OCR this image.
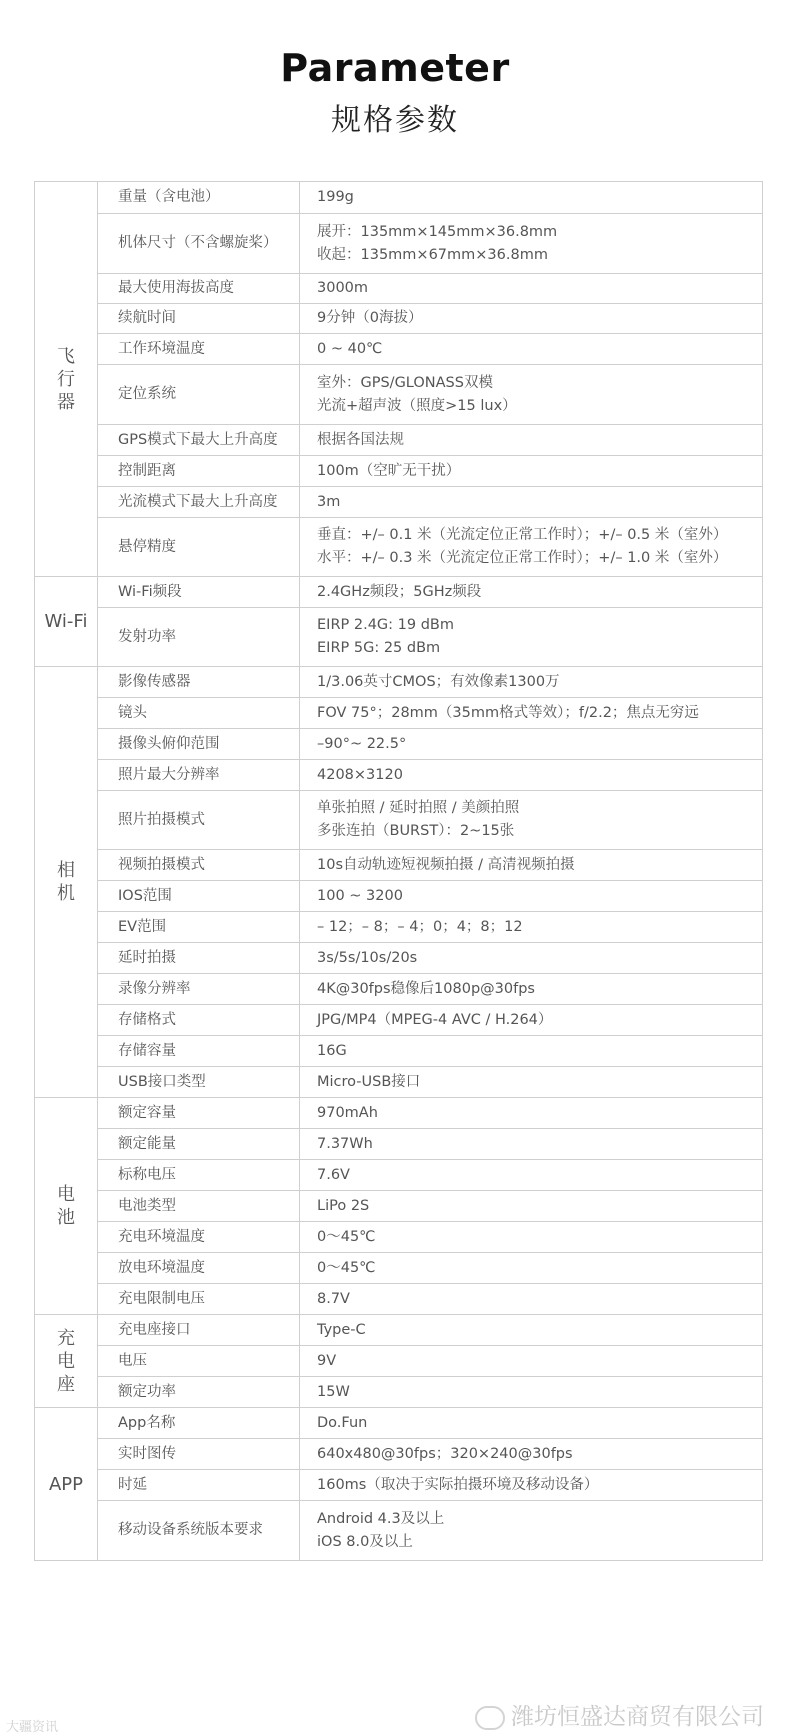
Parameter
规格参数
飞行器	重量（含电池）	199g

	机体尺寸（不含螺旋桨）	展开：135mm×145mm×36.8mm
收起：135mm×67mm×36.8mm

	最大使用海拔高度	3000m

	续航时间	9分钟（0海拔）

	工作环境温度	0 ~ 40℃

	定位系统	室外：GPS/GLONASS双模
光流+超声波（照度>15 lux）

	GPS模式下最大上升高度	根据各国法规

	控制距离	100m（空旷无干扰）

	光流模式下最大上升高度	3m

	悬停精度	垂直：+/– 0.1 米（光流定位正常工作时）；+/– 0.5 米（室外）
水平：+/– 0.3 米（光流定位正常工作时）；+/– 1.0 米（室外）

Wi-Fi	Wi-Fi频段	2.4GHz频段；5GHz频段

	发射功率	EIRP 2.4G: 19 dBm
EIRP 5G: 25 dBm

相机	影像传感器	1/3.06英寸CMOS；有效像素1300万

	镜头	FOV 75°；28mm（35mm格式等效）；f/2.2；焦点无穷远

	摄像头俯仰范围	–90°~ 22.5°

	照片最大分辨率	4208×3120

	照片拍摄模式	单张拍照 / 延时拍照 / 美颜拍照
多张连拍（BURST）：2~15张

	视频拍摄模式	10s自动轨迹短视频拍摄 / 高清视频拍摄

	IOS范围	100 ~ 3200

	EV范围	– 12；– 8；– 4；0；4；8；12

	延时拍摄	3s/5s/10s/20s

	录像分辨率	4K@30fps稳像后1080p@30fps

	存储格式	JPG/MP4（MPEG-4 AVC / H.264）

	存储容量	16G

	USB接口类型	Micro-USB接口

电池	额定容量	970mAh

	额定能量	7.37Wh

	标称电压	7.6V

	电池类型	LiPo 2S

	充电环境温度	0～45℃

	放电环境温度	0～45℃

	充电限制电压	8.7V

充电座	充电座接口	Type-C

	电压	9V

	额定功率	15W

APP	App名称	Do.Fun

	实时图传	640x480@30fps；320×240@30fps

	时延	160ms（取决于实际拍摄环境及移动设备）

	移动设备系统版本要求	Android 4.3及以上
iOS 8.0及以上
潍坊恒盛达商贸有限公司
大疆资讯
